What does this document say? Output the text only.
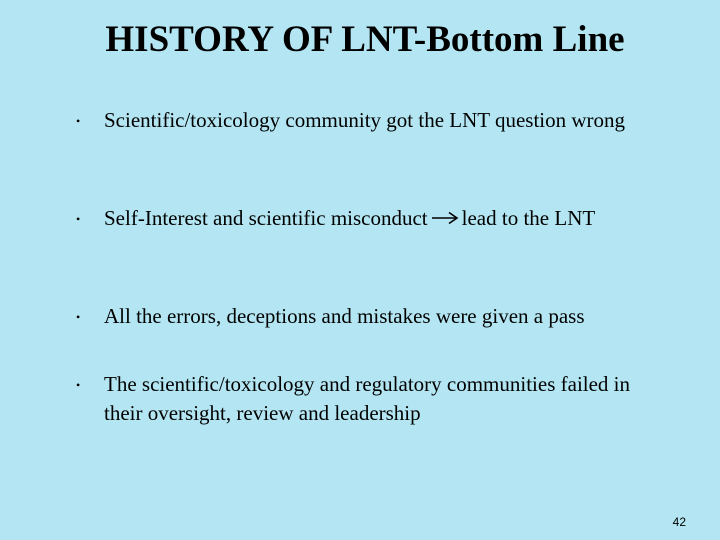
HISTORY OF LNT-Bottom Line
• Scientific/toxicology community got the LNT question wrong
• Self-Interest and scientific misconduct lead to the LNT
• All the errors, deceptions and mistakes were given a pass
• The scientific/toxicology and regulatory communities failed in their oversight, review and leadership
42
